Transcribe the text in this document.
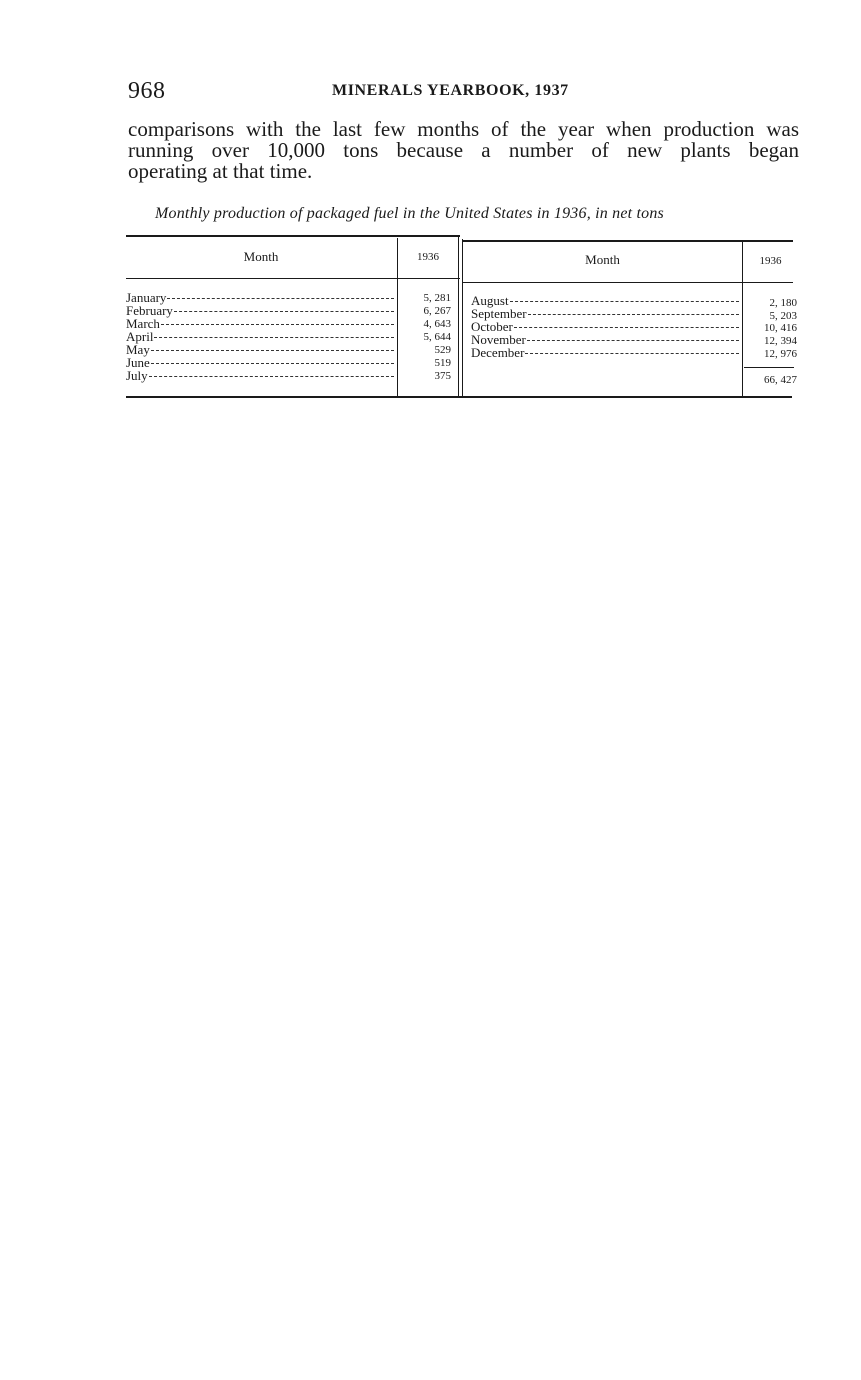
968	MINERALS YEARBOOK, 1937
comparisons with the last few months of the year when production was
running over 10,000 tons because a number of new plants began
operating at that time.
Monthly production of packaged fuel in the United States in 1936, in net tons
Month	1936	Month	1936
January	5, 281
February	6, 267
March	4, 643
April	5, 644
May	529
June	519
July	375
August	2, 180
September	5, 203
October	10, 416
November	12, 394
December	12, 976
66, 427
